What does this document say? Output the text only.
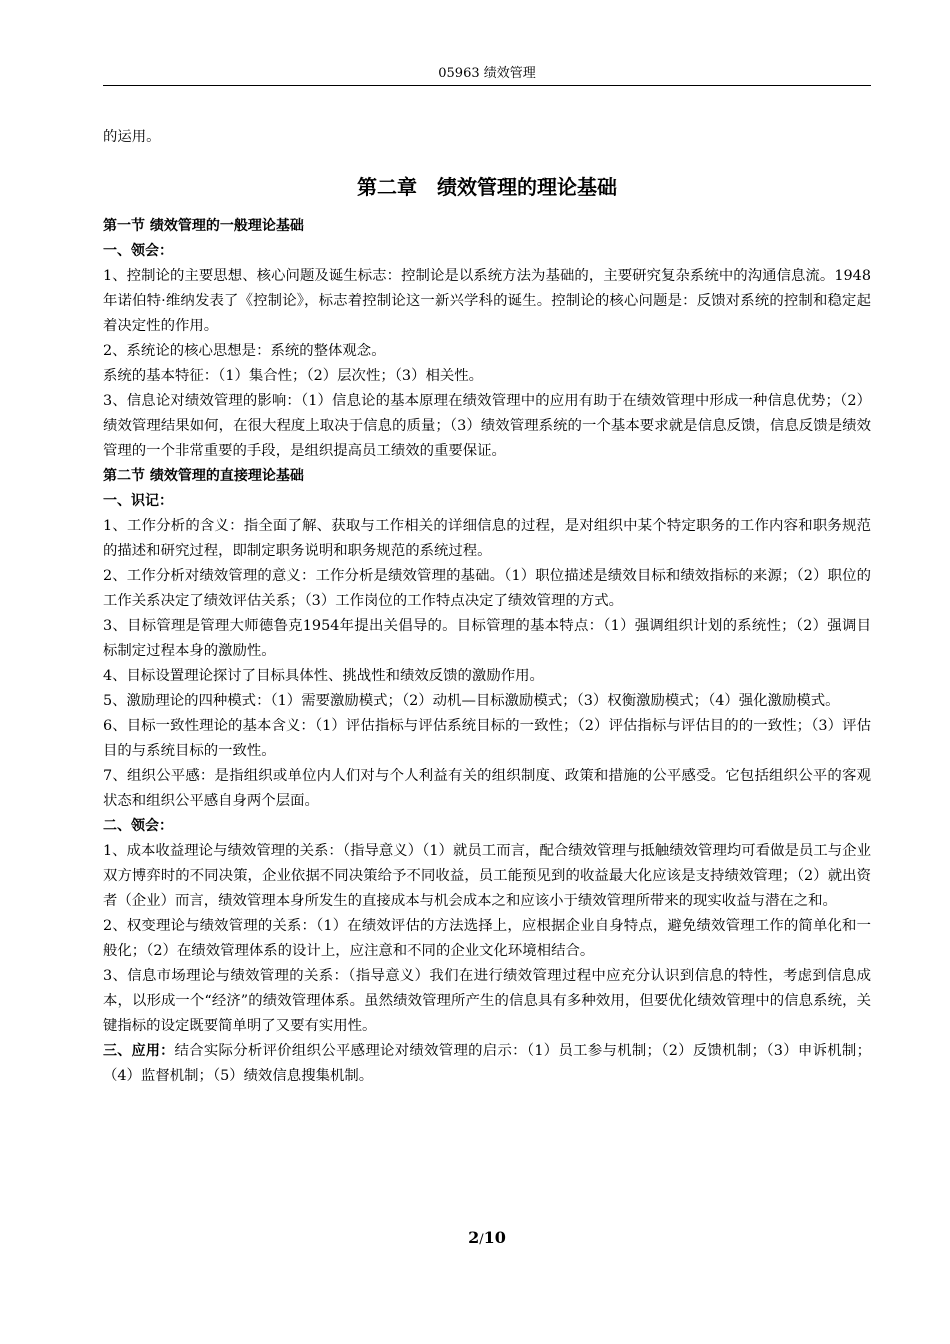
05963 绩效管理

的运用。

第二章　绩效管理的理论基础

第一节 绩效管理的一般理论基础

一、领会：

1、控制论的主要思想、核心问题及诞生标志：控制论是以系统方法为基础的，主要研究复杂系统中的沟通信息流。1948年诺伯特·维纳发表了《控制论》，标志着控制论这一新兴学科的诞生。控制论的核心问题是：反馈对系统的控制和稳定起着决定性的作用。

2、系统论的核心思想是：系统的整体观念。

系统的基本特征：（1）集合性；（2）层次性；（3）相关性。

3、信息论对绩效管理的影响：（1）信息论的基本原理在绩效管理中的应用有助于在绩效管理中形成一种信息优势；（2）绩效管理结果如何，在很大程度上取决于信息的质量；（3）绩效管理系统的一个基本要求就是信息反馈，信息反馈是绩效管理的一个非常重要的手段，是组织提高员工绩效的重要保证。

第二节 绩效管理的直接理论基础

一、识记：

1、工作分析的含义：指全面了解、获取与工作相关的详细信息的过程，是对组织中某个特定职务的工作内容和职务规范的描述和研究过程，即制定职务说明和职务规范的系统过程。

2、工作分析对绩效管理的意义：工作分析是绩效管理的基础。（1）职位描述是绩效目标和绩效指标的来源；（2）职位的工作关系决定了绩效评估关系；（3）工作岗位的工作特点决定了绩效管理的方式。

3、目标管理是管理大师德鲁克1954年提出关倡导的。目标管理的基本特点：（1）强调组织计划的系统性；（2）强调目标制定过程本身的激励性。

4、目标设置理论探讨了目标具体性、挑战性和绩效反馈的激励作用。

5、激励理论的四种模式：（1）需要激励模式；（2）动机—目标激励模式；（3）权衡激励模式；（4）强化激励模式。

6、目标一致性理论的基本含义：（1）评估指标与评估系统目标的一致性；（2）评估指标与评估目的的一致性；（3）评估目的与系统目标的一致性。

7、组织公平感：是指组织或单位内人们对与个人利益有关的组织制度、政策和措施的公平感受。它包括组织公平的客观状态和组织公平感自身两个层面。

二、领会：

1、成本收益理论与绩效管理的关系：（指导意义）（1）就员工而言，配合绩效管理与抵触绩效管理均可看做是员工与企业双方博弈时的不同决策，企业依据不同决策给予不同收益，员工能预见到的收益最大化应该是支持绩效管理；（2）就出资者（企业）而言，绩效管理本身所发生的直接成本与机会成本之和应该小于绩效管理所带来的现实收益与潜在之和。

2、权变理论与绩效管理的关系：（1）在绩效评估的方法选择上，应根据企业自身特点，避免绩效管理工作的简单化和一般化；（2）在绩效管理体系的设计上，应注意和不同的企业文化环境相结合。

3、信息市场理论与绩效管理的关系：（指导意义）我们在进行绩效管理过程中应充分认识到信息的特性，考虑到信息成本，以形成一个“经济”的绩效管理体系。虽然绩效管理所产生的信息具有多种效用，但要优化绩效管理中的信息系统，关键指标的设定既要简单明了又要有实用性。

三、应用：结合实际分析评价组织公平感理论对绩效管理的启示：（1）员工参与机制；（2）反馈机制；（3）申诉机制；（4）监督机制；（5）绩效信息搜集机制。

2/10
